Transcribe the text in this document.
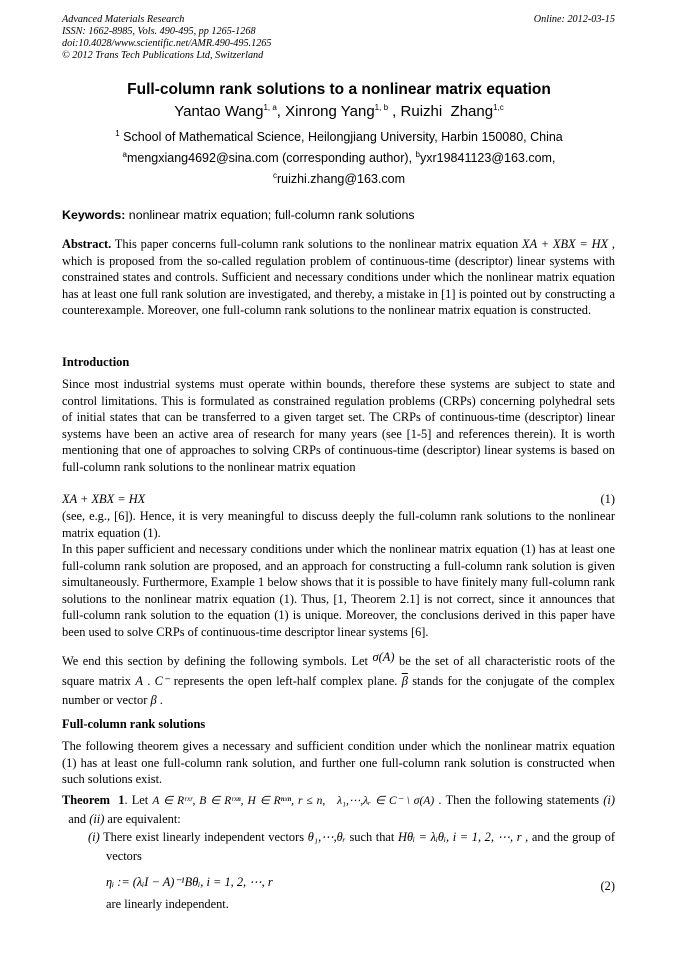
Advanced Materials Research
ISSN: 1662-8985, Vols. 490-495, pp 1265-1268
doi:10.4028/www.scientific.net/AMR.490-495.1265
© 2012 Trans Tech Publications Ltd, Switzerland
Online: 2012-03-15
Full-column rank solutions to a nonlinear matrix equation
Yantao Wang$^{1, a}$, Xinrong Yang$^{1, b}$ , Ruizhi  Zhang$^{1,c}$
$^1$ School of Mathematical Science, Heilongjiang University, Harbin 150080, China
$^a$mengxiang4692@sina.com (corresponding author), $^b$yxr19841123@163.com,
$^c$ruizhi.zhang@163.com
Keywords: nonlinear matrix equation; full-column rank solutions
Abstract. This paper concerns full-column rank solutions to the nonlinear matrix equation XA + XBX = HX , which is proposed from the so-called regulation problem of continuous-time (descriptor) linear systems with constrained states and controls. Sufficient and necessary conditions under which the nonlinear matrix equation has at least one full rank solution are investigated, and thereby, a mistake in [1] is pointed out by constructing a counterexample. Moreover, one full-column rank solutions to the nonlinear matrix equation is constructed.
Introduction
Since most industrial systems must operate within bounds, therefore these systems are subject to state and control limitations. This is formulated as constrained regulation problems (CRPs) concerning polyhedral sets of initial states that can be transferred to a given target set. The CRPs of continuous-time (descriptor) linear systems have been an active area of research for many years (see [1-5] and references therein). It is worth mentioning that one of approaches to solving CRPs of continuous-time (descriptor) linear systems is based on full-column rank solutions to the nonlinear matrix equation
XA + XBX = HX	(1)
(see, e.g., [6]). Hence, it is very meaningful to discuss deeply the full-column rank solutions to the nonlinear matrix equation (1).
In this paper sufficient and necessary conditions under which the nonlinear matrix equation (1) has at least one full-column rank solution are proposed, and an approach for constructing a full-column rank solution is given simultaneously. Furthermore, Example 1 below shows that it is possible to have finitely many full-column rank solutions to the nonlinear matrix equation (1). Thus, [1, Theorem 2.1] is not correct, since it announces that full-column rank solution to the equation (1) is unique. Moreover, the conclusions derived in this paper have been used to solve CRPs of continuous-time descriptor linear systems [6].
We end this section by defining the following symbols. Let σ(A) be the set of all characteristic roots of the square matrix A . C⁻ represents the open left-half complex plane. $\overline{\beta}$ stands for the conjugate of the complex number or vector β .
Full-column rank solutions
The following theorem gives a necessary and sufficient condition under which the nonlinear matrix equation (1) has at least one full-column rank solution, and further one full-column rank solution is constructed when such solutions exist.
Theorem  1. Let A ∈ Rʳˣʳ, B ∈ Rʳˣⁿ, H ∈ Rⁿˣⁿ, r ≤ n,   λ₁,⋯,λᵣ ∈ C⁻ \ σ(A) . Then the following statements (i)  and (ii) are equivalent:
(i) There exist linearly independent vectors θ₁,⋯,θᵣ such that Hθᵢ = λᵢθᵢ, i = 1, 2, ⋯, r , and the group of vectors
ηᵢ := (λᵢI − A)⁻¹Bθᵢ, i = 1, 2, ⋯, r	(2)
are linearly independent.
